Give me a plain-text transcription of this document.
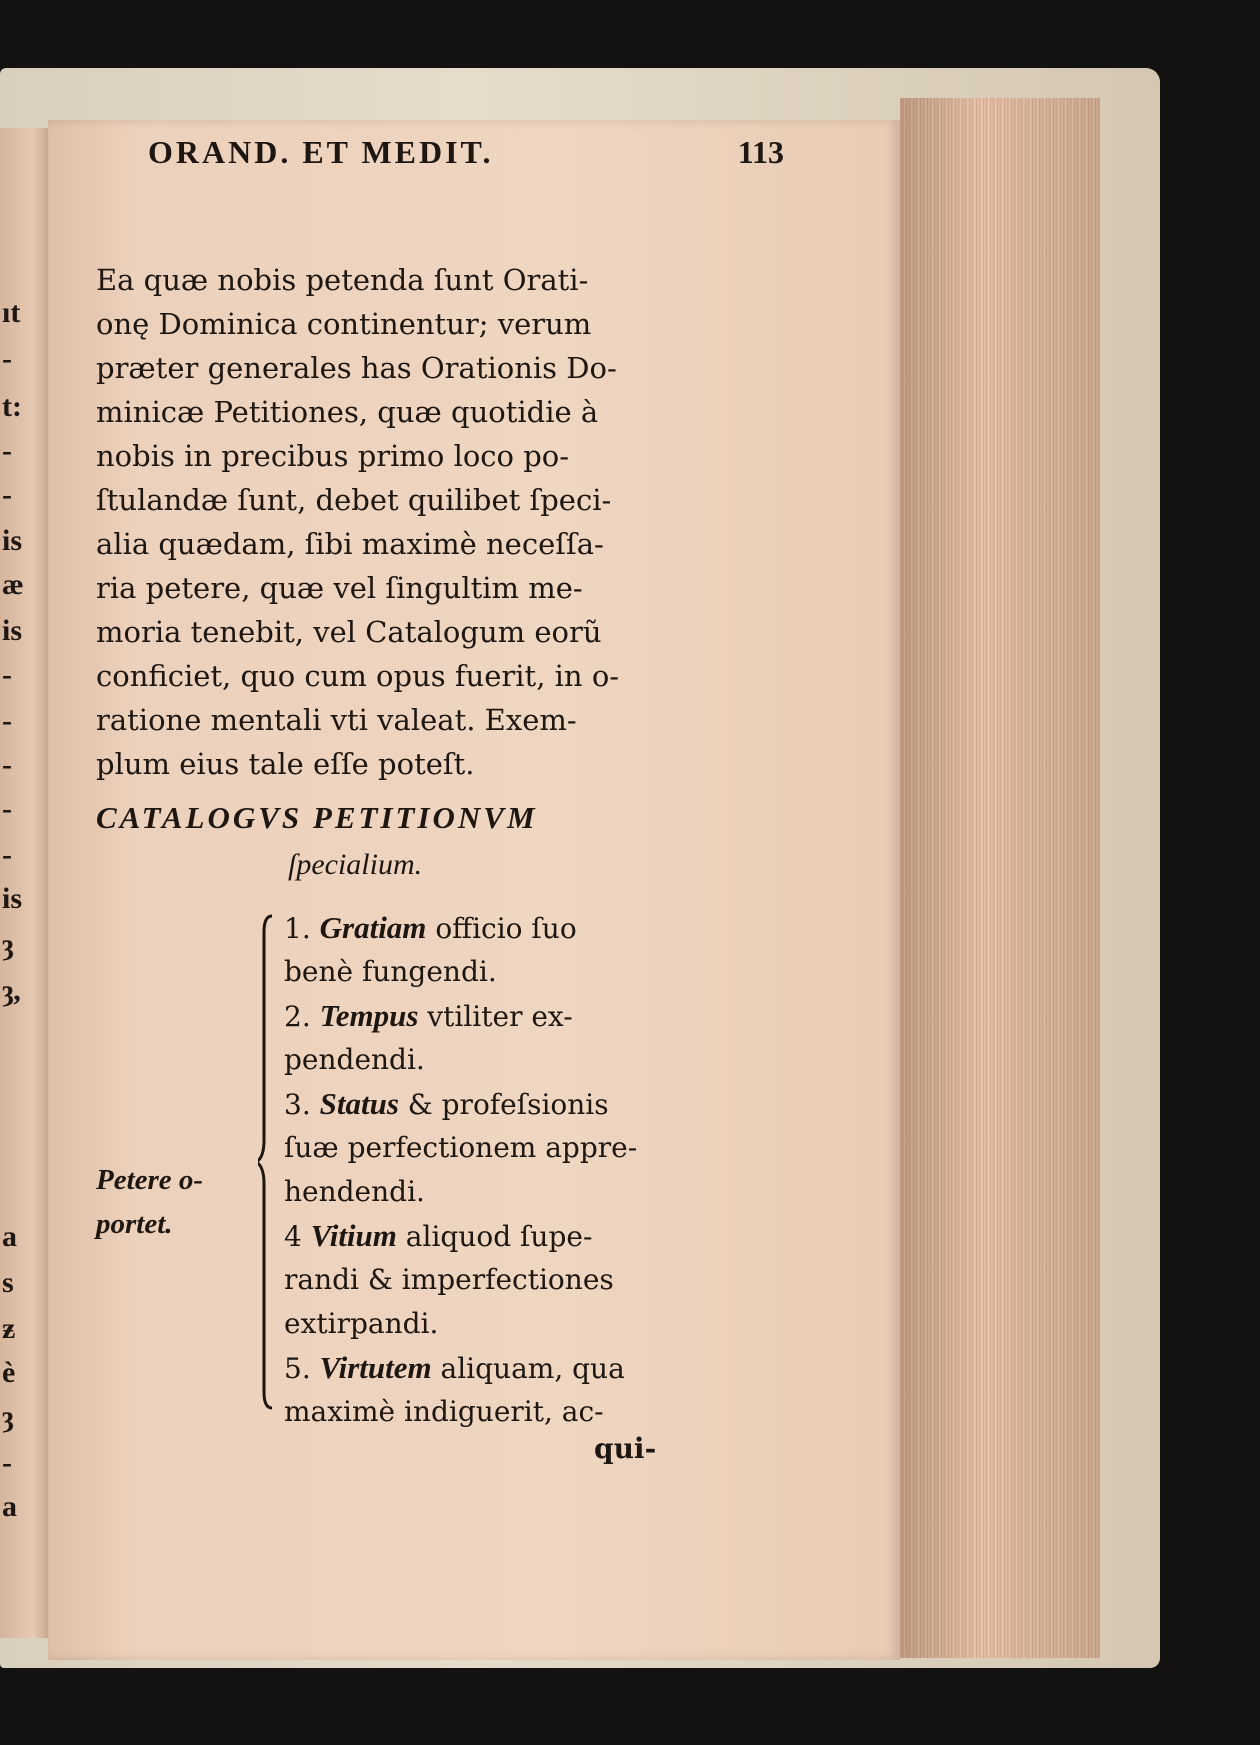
ıt
-
t:
-
-
is
æ
is
-
-
-
-
-
is
ȝ
ȝ,
a
s
ƶ
è
ȝ
-
a
ORAND. ET MEDIT.	113
Ea quæ nobis petenda ſunt Orati-
onę Dominica continentur; verum
præter generales has Orationis Do-
minicæ Petitiones, quæ quotidie à
nobis in precibus primo loco po-
ſtulandæ ſunt, debet quilibet ſpeci-
alia quædam, ſibi maximè neceſſa-
ria petere, quæ vel ſingultim me-
moria tenebit, vel Catalogum eorũ
conficiet, quo cum opus fuerit, in o-
ratione mentali vti valeat. Exem-
plum eius tale eſſe poteſt.
CATALOGVS PETITIONVM
ſpecialium.
Petere o-
portet.
1. Gratiam officio ſuo
benè fungendi.
2. Tempus vtiliter ex-
pendendi.
3. Status & profeſsionis
ſuæ perfectionem appre-
hendendi.
4 Vitium aliquod ſupe-
randi & imperfectiones
extirpandi.
5. Virtutem aliquam, qua
maximè indiguerit, ac-
qui-
